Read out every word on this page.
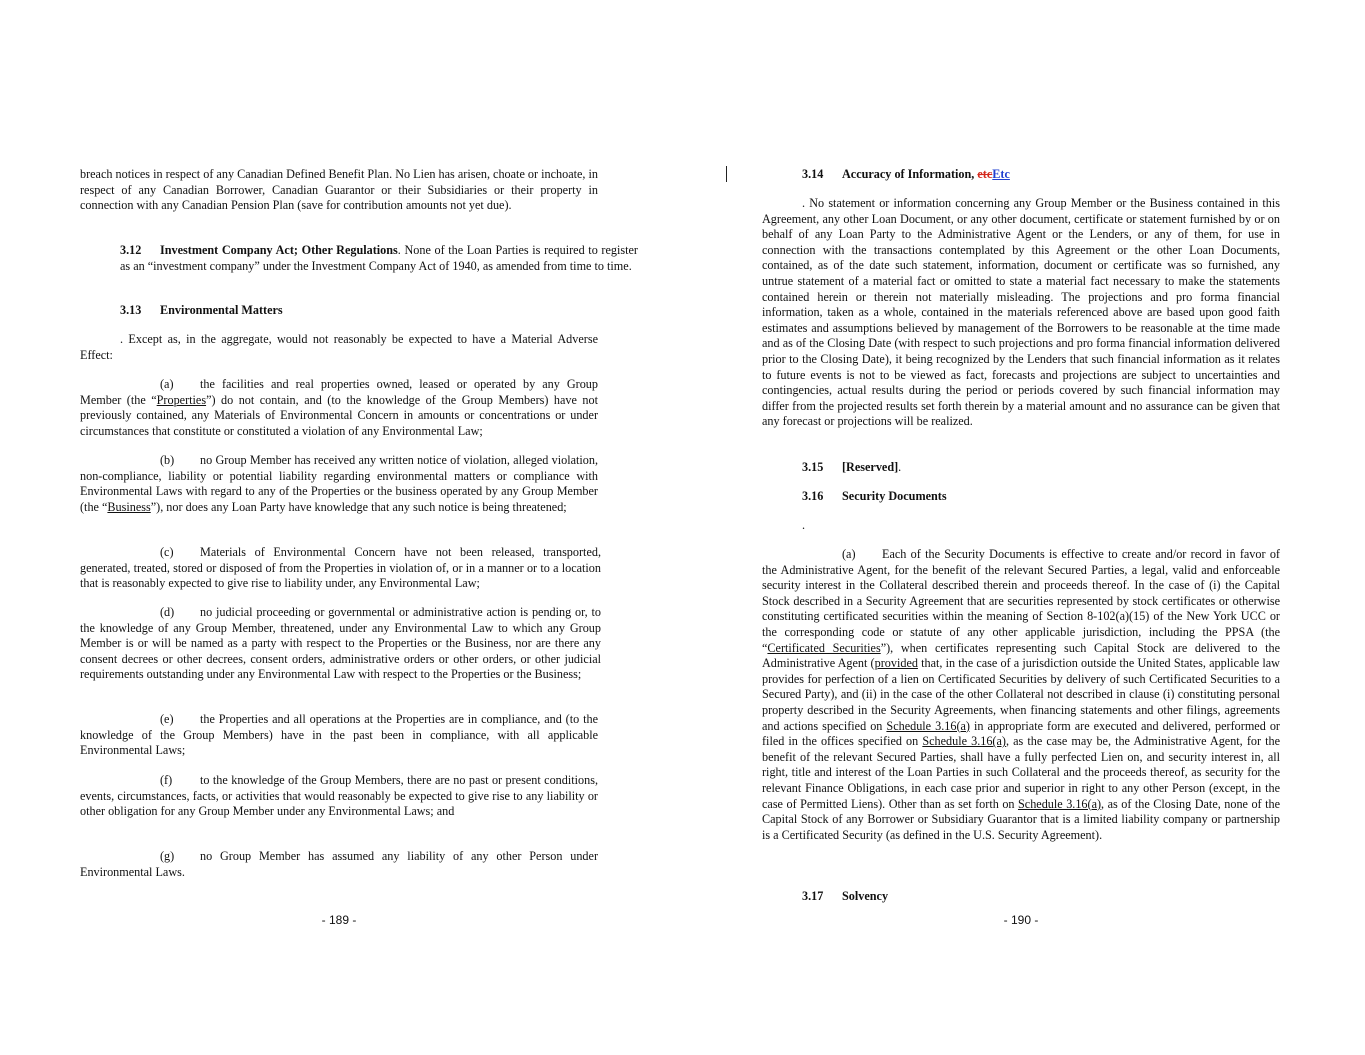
breach notices in respect of any Canadian Defined Benefit Plan. No Lien has arisen, choate or inchoate, in respect of any Canadian Borrower, Canadian Guarantor or their Subsidiaries or their property in connection with any Canadian Pension Plan (save for contribution amounts not yet due).

3.12 Investment Company Act; Other Regulations. None of the Loan Parties is required to register as an “investment company” under the Investment Company Act of 1940, as amended from time to time.

3.13 Environmental Matters

. Except as, in the aggregate, would not reasonably be expected to have a Material Adverse Effect:

(a) the facilities and real properties owned, leased or operated by any Group Member (the “Properties”) do not contain, and (to the knowledge of the Group Members) have not previously contained, any Materials of Environmental Concern in amounts or concentrations or under circumstances that constitute or constituted a violation of any Environmental Law;

(b) no Group Member has received any written notice of violation, alleged violation, non-compliance, liability or potential liability regarding environmental matters or compliance with Environmental Laws with regard to any of the Properties or the business operated by any Group Member (the “Business”), nor does any Loan Party have knowledge that any such notice is being threatened;

(c) Materials of Environmental Concern have not been released, transported, generated, treated, stored or disposed of from the Properties in violation of, or in a manner or to a location that is reasonably expected to give rise to liability under, any Environmental Law;

(d) no judicial proceeding or governmental or administrative action is pending or, to the knowledge of any Group Member, threatened, under any Environmental Law to which any Group Member is or will be named as a party with respect to the Properties or the Business, nor are there any consent decrees or other decrees, consent orders, administrative orders or other orders, or other judicial requirements outstanding under any Environmental Law with respect to the Properties or the Business;

(e) the Properties and all operations at the Properties are in compliance, and (to the knowledge of the Group Members) have in the past been in compliance, with all applicable Environmental Laws;

(f) to the knowledge of the Group Members, there are no past or present conditions, events, circumstances, facts, or activities that would reasonably be expected to give rise to any liability or other obligation for any Group Member under any Environmental Laws; and

(g) no Group Member has assumed any liability of any other Person under Environmental Laws.

- 189 -

3.14 Accuracy of Information, etcEtc

. No statement or information concerning any Group Member or the Business contained in this Agreement, any other Loan Document, or any other document, certificate or statement furnished by or on behalf of any Loan Party to the Administrative Agent or the Lenders, or any of them, for use in connection with the transactions contemplated by this Agreement or the other Loan Documents, contained, as of the date such statement, information, document or certificate was so furnished, any untrue statement of a material fact or omitted to state a material fact necessary to make the statements contained herein or therein not materially misleading. The projections and pro forma financial information, taken as a whole, contained in the materials referenced above are based upon good faith estimates and assumptions believed by management of the Borrowers to be reasonable at the time made and as of the Closing Date (with respect to such projections and pro forma financial information delivered prior to the Closing Date), it being recognized by the Lenders that such financial information as it relates to future events is not to be viewed as fact, forecasts and projections are subject to uncertainties and contingencies, actual results during the period or periods covered by such financial information may differ from the projected results set forth therein by a material amount and no assurance can be given that any forecast or projections will be realized.

3.15 [Reserved].

3.16 Security Documents

.

(a) Each of the Security Documents is effective to create and/or record in favor of the Administrative Agent, for the benefit of the relevant Secured Parties, a legal, valid and enforceable security interest in the Collateral described therein and proceeds thereof. In the case of (i) the Capital Stock described in a Security Agreement that are securities represented by stock certificates or otherwise constituting certificated securities within the meaning of Section 8-102(a)(15) of the New York UCC or the corresponding code or statute of any other applicable jurisdiction, including the PPSA (the “Certificated Securities”), when certificates representing such Capital Stock are delivered to the Administrative Agent (provided that, in the case of a jurisdiction outside the United States, applicable law provides for perfection of a lien on Certificated Securities by delivery of such Certificated Securities to a Secured Party), and (ii) in the case of the other Collateral not described in clause (i) constituting personal property described in the Security Agreements, when financing statements and other filings, agreements and actions specified on Schedule 3.16(a) in appropriate form are executed and delivered, performed or filed in the offices specified on Schedule 3.16(a), as the case may be, the Administrative Agent, for the benefit of the relevant Secured Parties, shall have a fully perfected Lien on, and security interest in, all right, title and interest of the Loan Parties in such Collateral and the proceeds thereof, as security for the relevant Finance Obligations, in each case prior and superior in right to any other Person (except, in the case of Permitted Liens). Other than as set forth on Schedule 3.16(a), as of the Closing Date, none of the Capital Stock of any Borrower or Subsidiary Guarantor that is a limited liability company or partnership is a Certificated Security (as defined in the U.S. Security Agreement).

3.17 Solvency

- 190 -
